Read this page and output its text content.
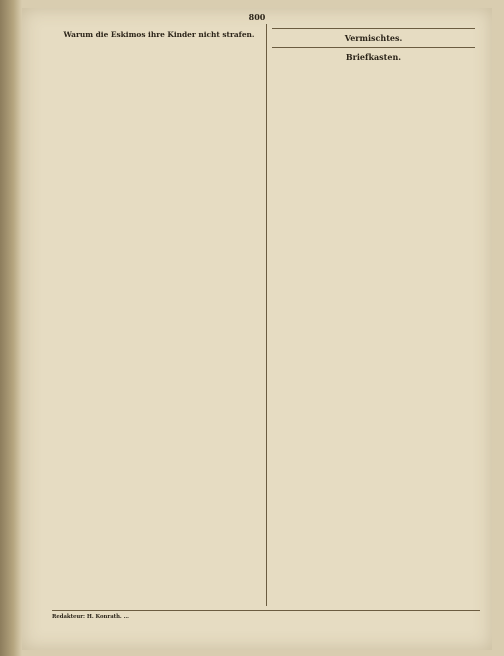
800

Warum die Eskimos ihre Kinder nicht strafen.	Vermischtes.

Briefkasten.

Redakteur: H. Konrath. …
